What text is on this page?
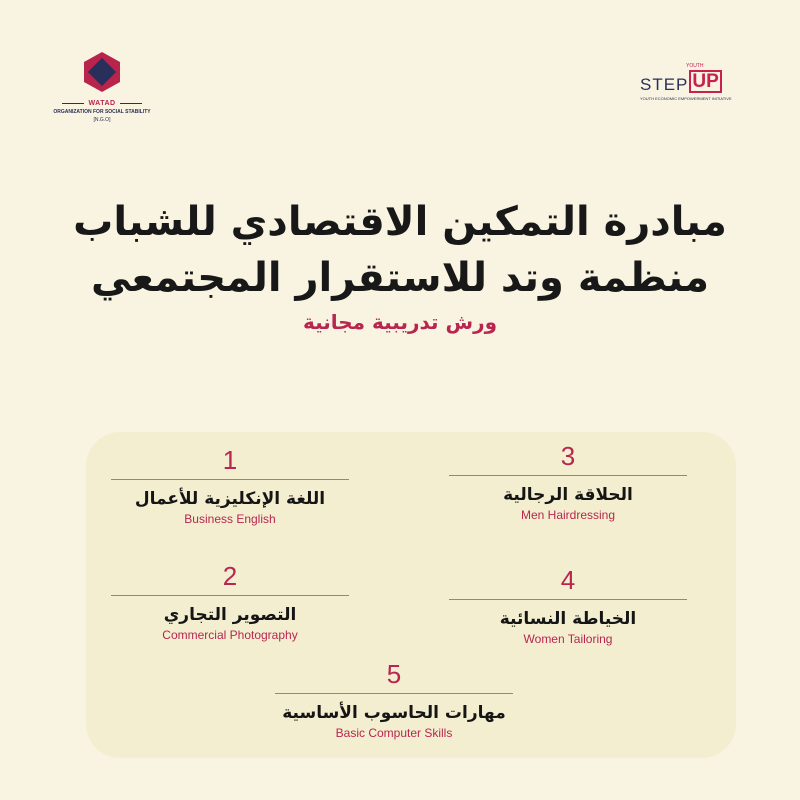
WATAD
ORGANIZATION FOR SOCIAL STABILITY
[N.G.O]
YOUTH
STEP UP
YOUTH ECONOMIC EMPOWERMENT INITIATIVE
مبادرة التمكين الاقتصادي للشباب
منظمة وتد للاستقرار المجتمعي
ورش تدريبية مجانية
1
اللغة الإنكليزية للأعمال
Business English
3
الحلاقة الرجالية
Men Hairdressing
2
التصوير التجاري
Commercial Photography
4
الخياطة النسائية
Women Tailoring
5
مهارات الحاسوب الأساسية
Basic Computer Skills
